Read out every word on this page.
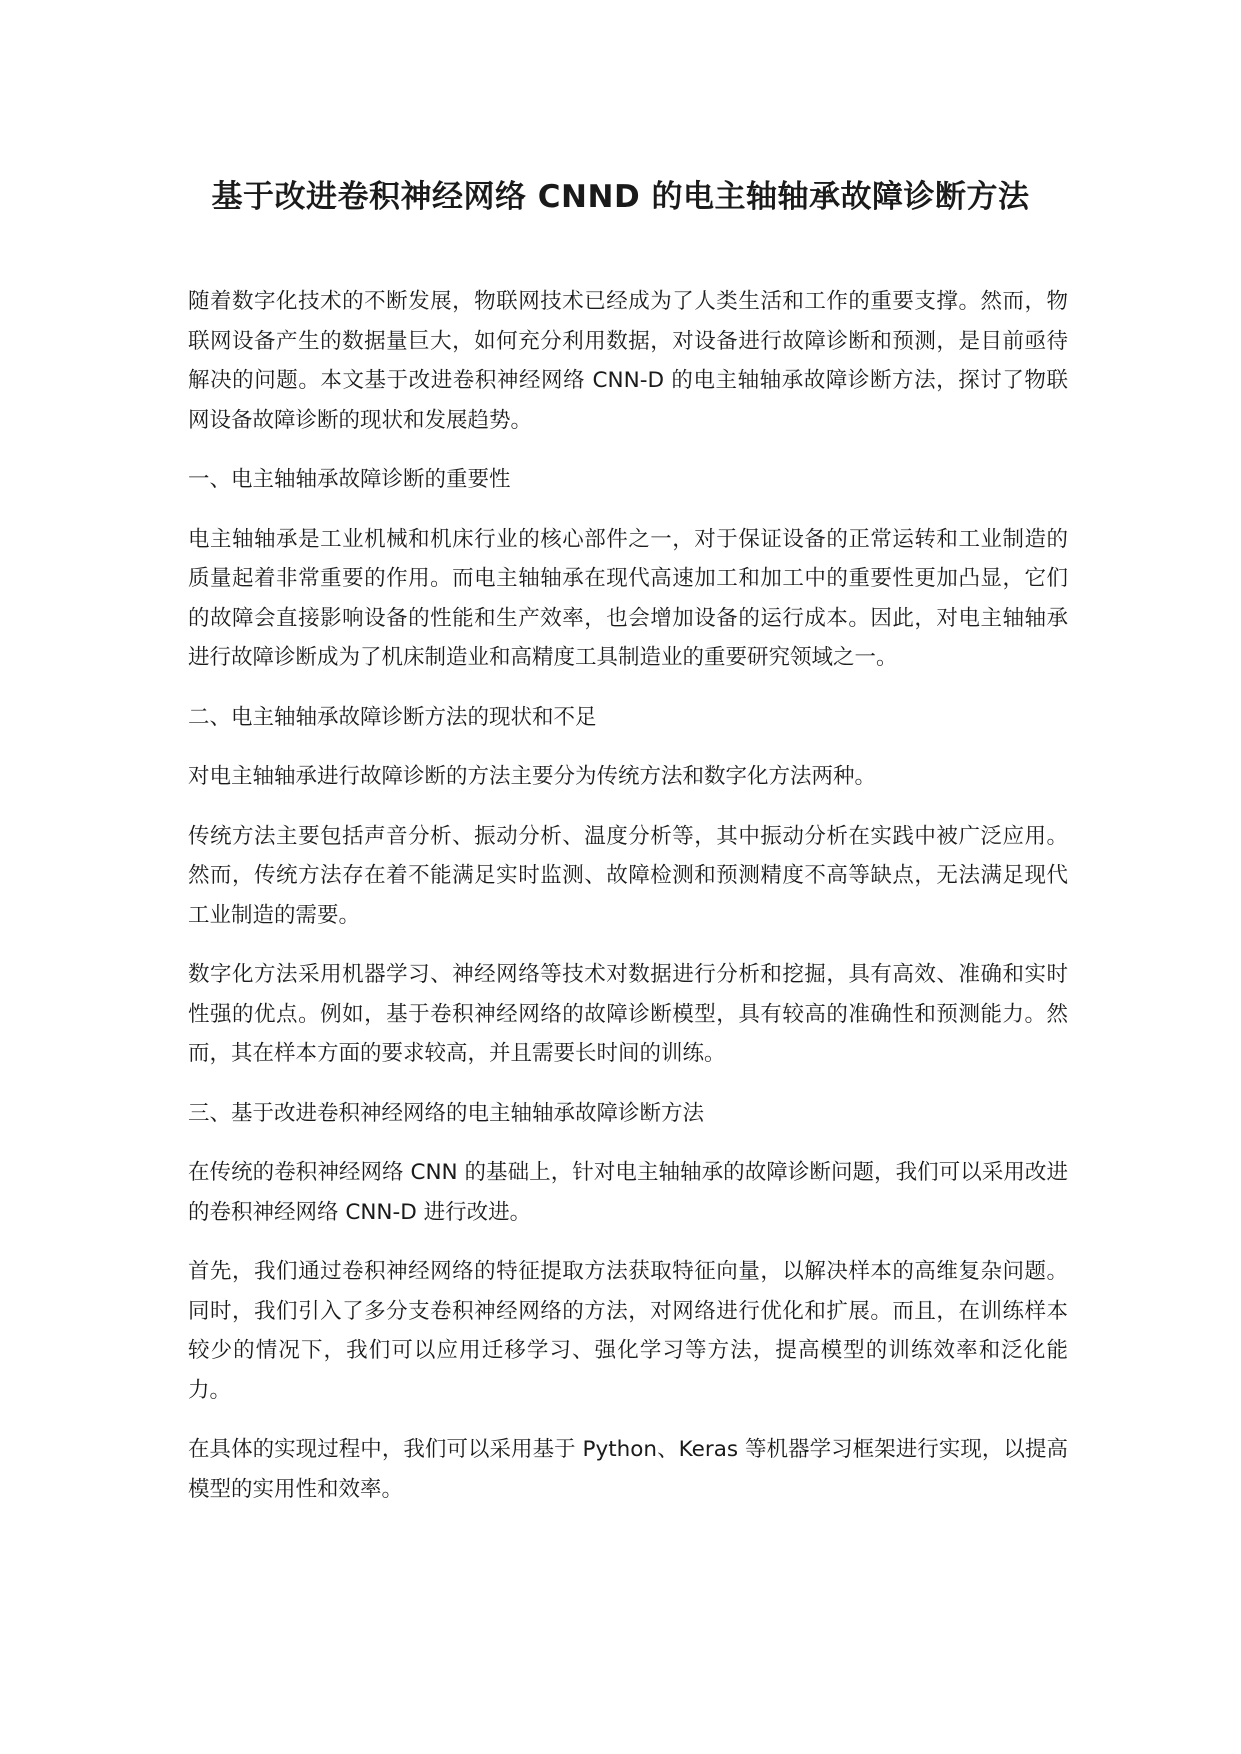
基于改进卷积神经网络 CNND 的电主轴轴承故障诊断方法

随着数字化技术的不断发展，物联网技术已经成为了人类生活和工作的重要支撑。然而，物联网设备产生的数据量巨大，如何充分利用数据，对设备进行故障诊断和预测，是目前亟待解决的问题。本文基于改进卷积神经网络 CNN-D 的电主轴轴承故障诊断方法，探讨了物联网设备故障诊断的现状和发展趋势。

一、电主轴轴承故障诊断的重要性

电主轴轴承是工业机械和机床行业的核心部件之一，对于保证设备的正常运转和工业制造的质量起着非常重要的作用。而电主轴轴承在现代高速加工和加工中的重要性更加凸显，它们的故障会直接影响设备的性能和生产效率，也会增加设备的运行成本。因此，对电主轴轴承进行故障诊断成为了机床制造业和高精度工具制造业的重要研究领域之一。

二、电主轴轴承故障诊断方法的现状和不足

对电主轴轴承进行故障诊断的方法主要分为传统方法和数字化方法两种。

传统方法主要包括声音分析、振动分析、温度分析等，其中振动分析在实践中被广泛应用。然而，传统方法存在着不能满足实时监测、故障检测和预测精度不高等缺点，无法满足现代工业制造的需要。

数字化方法采用机器学习、神经网络等技术对数据进行分析和挖掘，具有高效、准确和实时性强的优点。例如，基于卷积神经网络的故障诊断模型，具有较高的准确性和预测能力。然而，其在样本方面的要求较高，并且需要长时间的训练。

三、基于改进卷积神经网络的电主轴轴承故障诊断方法

在传统的卷积神经网络 CNN 的基础上，针对电主轴轴承的故障诊断问题，我们可以采用改进的卷积神经网络 CNN-D 进行改进。

首先，我们通过卷积神经网络的特征提取方法获取特征向量，以解决样本的高维复杂问题。同时，我们引入了多分支卷积神经网络的方法，对网络进行优化和扩展。而且，在训练样本较少的情况下，我们可以应用迁移学习、强化学习等方法，提高模型的训练效率和泛化能力。

在具体的实现过程中，我们可以采用基于 Python、Keras 等机器学习框架进行实现，以提高模型的实用性和效率。
